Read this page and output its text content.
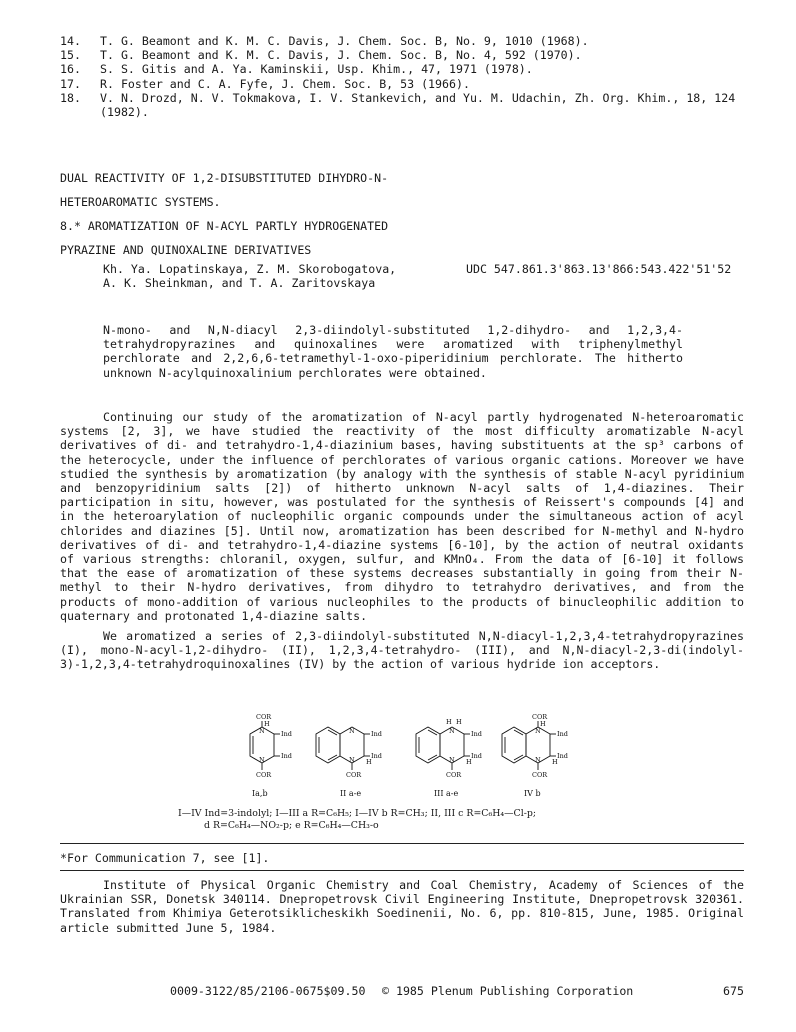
14.	T. G. Beamont and K. M. C. Davis, J. Chem. Soc. B, No. 9, 1010 (1968).
15.	T. G. Beamont and K. M. C. Davis, J. Chem. Soc. B, No. 4, 592 (1970).
16.	S. S. Gitis and A. Ya. Kaminskii, Usp. Khim., 47, 1971 (1978).
17.	R. Foster and C. A. Fyfe, J. Chem. Soc. B, 53 (1966).
18.	V. N. Drozd, N. V. Tokmakova, I. V. Stankevich, and Yu. M. Udachin, Zh. Org. Khim., 18, 124 (1982).
DUAL REACTIVITY OF 1,2-DISUBSTITUTED DIHYDRO-N-
HETEROAROMATIC SYSTEMS.
8.* AROMATIZATION OF N-ACYL PARTLY HYDROGENATED
PYRAZINE AND QUINOXALINE DERIVATIVES
Kh. Ya. Lopatinskaya, Z. M. Skorobogatova,
A. K. Sheinkman, and T. A. Zaritovskaya
UDC 547.861.3'863.13'866:543.422'51'52
N-mono- and N,N-diacyl 2,3-diindolyl-substituted 1,2-dihydro- and 1,2,3,4-tetrahydropyrazines and quinoxalines were aromatized with triphenylmethyl perchlorate and 2,2,6,6-tetramethyl-1-oxo-piperidinium perchlorate. The hitherto unknown N-acylquinoxalinium perchlorates were obtained.

Continuing our study of the aromatization of N-acyl partly hydrogenated N-heteroaromatic systems [2, 3], we have studied the reactivity of the most difficulty aromatizable N-acyl derivatives of di- and tetrahydro-1,4-diazinium bases, having substituents at the sp³ carbons of the heterocycle, under the influence of perchlorates of various organic cations. Moreover we have studied the synthesis by aromatization (by analogy with the synthesis of stable N-acyl pyridinium and benzopyridinium salts [2]) of hitherto unknown N-acyl salts of 1,4-diazines. Their participation in situ, however, was postulated for the synthesis of Reissert's compounds [4] and in the heteroarylation of nucleophilic organic compounds under the simultaneous action of acyl chlorides and diazines [5]. Until now, aromatization has been described for N-methyl and N-hydro derivatives of di- and tetrahydro-1,4-diazine systems [6-10], by the action of neutral oxidants of various strengths: chloranil, oxygen, sulfur, and KMnO₄. From the data of [6-10] it follows that the ease of aromatization of these systems decreases substantially in going from their N-methyl to their N-hydro derivatives, from dihydro to tetrahydro derivatives, and from the products of mono-addition of various nucleophiles to the products of binucleophilic addition to quaternary and protonated 1,4-diazine salts.

We aromatized a series of 2,3-diindolyl-substituted N,N-diacyl-1,2,3,4-tetrahydropyrazines (I), mono-N-acyl-1,2-dihydro- (II), 1,2,3,4-tetrahydro- (III), and N,N-diacyl-2,3-di(indolyl-3)-1,2,3,4-tetrahydroquinoxalines (IV) by the action of various hydride ion acceptors.

COR
H
N	Ind
Ind
N
COR
N	Ind
Ind
H
N
COR
H H
N	Ind
Ind
H
N
COR
COR
H
N	Ind
Ind
H
N
COR
Ia,b	II a-e	III a-e	IV b
I—IV Ind=3-indolyl; I—III a R=C₆H₅; I—IV b R=CH₃; II, III c R=C₆H₄—Cl-p;
d R=C₆H₄—NO₂-p; e R=C₆H₄—CH₃-o
*For Communication 7, see [1].
Institute of Physical Organic Chemistry and Coal Chemistry, Academy of Sciences of the Ukrainian SSR, Donetsk 340114. Dnepropetrovsk Civil Engineering Institute, Dnepropetrovsk 320361. Translated from Khimiya Geterotsiklicheskikh Soedinenii, No. 6, pp. 810-815, June, 1985. Original article submitted June 5, 1984.
0009-3122/85/2106-0675$09.50 © 1985 Plenum Publishing Corporation	675
